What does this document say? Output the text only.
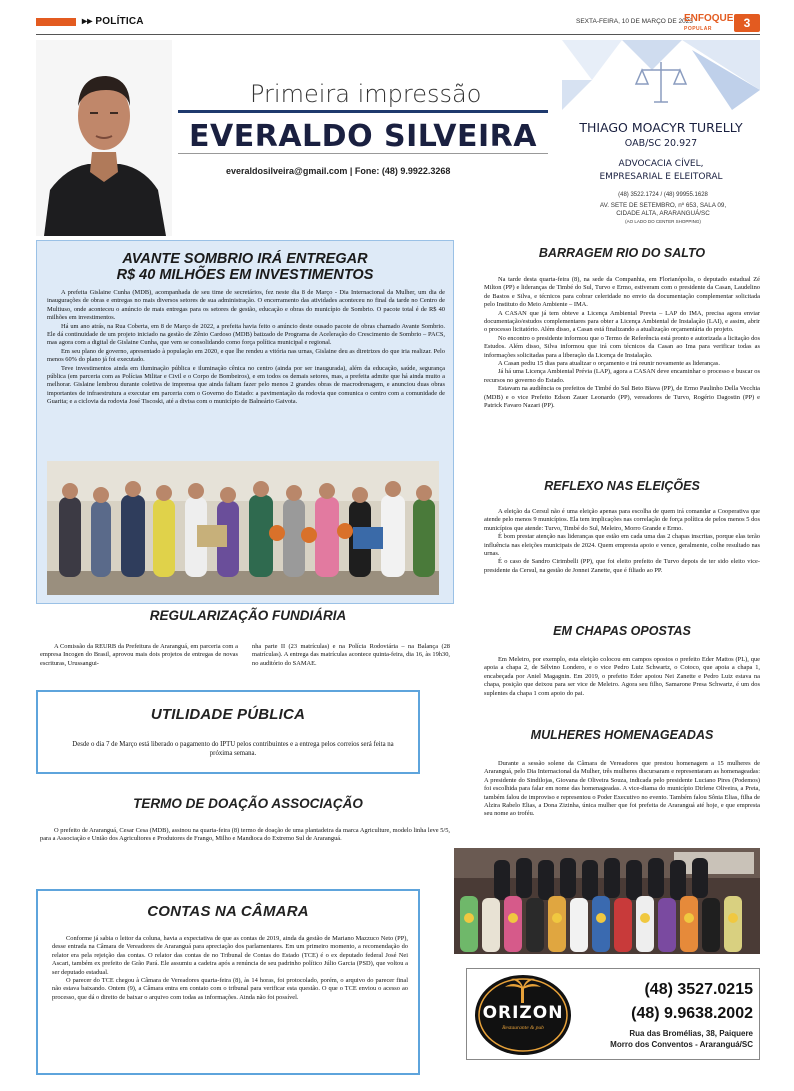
▸▸ POLÍTICA	SEXTA-FEIRA, 10 DE MARÇO DE 2023
ENFOQUE
POPULAR	3
Primeira impressão
EVERALDO SILVEIRA
everaldosilveira@gmail.com | Fone: (48) 9.9922.3268
THIAGO MOACYR TURELLY
OAB/SC 20.927
ADVOCACIA CÍVEL,
EMPRESARIAL E ELEITORAL
(48) 3522.1724 / (48) 99955.1628
AV. SETE DE SETEMBRO, nº 653, SALA 09,
CIDADE ALTA, ARARANGUÁ/SC
(AO LADO DO CENTER SHOPPING)
AVANTE SOMBRIO IRÁ ENTREGAR
R$ 40 MILHÕES EM INVESTIMENTOS

A prefeita Gislaine Cunha (MDB), acompanhada de seu time de secretários, fez neste dia 8 de Março - Dia Internacional da Mulher, um dia de inaugurações de obras e entregas no mais diversos setores de sua administração. O encerramento das atividades aconteceu no final da tarde no Centro de Multiuso, onde aconteceu o anúncio de mais entregas para os setores de gestão, educação e obras do município de Sombrio. O pacote total é de R$ 40 milhões em investimentos.

Há um ano atrás, na Rua Coberta, em 8 de Março de 2022, a prefeita havia feito o anúncio deste ousado pacote de obras chamado Avante Sombrio. Ele dá continuidade de um projeto iniciado na gestão de Zênio Cardoso (MDB) batizado de Programa de Aceleração do Crescimento de Sombrio – PACS, mas agora com a digital de Gislaine Cunha, que vem se consolidando como força política municipal e regional.

Em seu plano de governo, apresentado à população em 2020, e que lhe rendeu a vitória nas urnas, Gislaine deu as diretrizes do que iria realizar. Pelo menos 60% do plano já foi executado.

Teve investimentos ainda em iluminação pública e iluminação cênica no centro (ainda por ser inaugurada), além da educação, saúde, segurança pública (em parceria com as Polícias Militar e Civil e o Corpo de Bombeiros), e em todos os demais setores, mas, a prefeita admite que há ainda muito a melhorar. Gislaine lembrou durante coletiva de imprensa que ainda faltam fazer pelo menos 2 grandes obras de macrodrenagem, e anunciou duas obras importantes de infraestrutura a executar em parceria com o Governo do Estado: a pavimentação da rodovia que comunica o centro com a comunidade de Guarita; e a ciclovia da rodovia José Tiscoski, até a divisa com o município de Balneário Gaivota.

REGULARIZAÇÃO FUNDIÁRIA

A Comissão da REURB da Prefeitura de Araranguá, em parceria com a empresa Incogen do Brasil, aprovou mais dois projetos de entregas de novas escrituras, Urussangui-

nha parte II (23 matrículas) e na Polícia Rodoviária – na Balança (28 matrículas). A entrega das matrículas acontece quinta-feira, dia 16, às 19h30, no auditório do SAMAE.
UTILIDADE PÚBLICA
Desde o dia 7 de Março está liberado o pagamento do IPTU pelos contribuintes e a entrega pelos correios será feita na próxima semana.
TERMO DE DOAÇÃO ASSOCIAÇÃO

O prefeito de Araranguá, Cesar Cesa (MDB), assinou na quarta-feira (8) termo de doação de uma plantadeira da marca Agriculture, modelo linha leve 5/5, para a Associação e União dos Agricultores e Produtores de Frango, Milho e Mandioca do Extremo Sul de Araranguá.

CONTAS NA CÂMARA

Conforme já sabia o leitor da coluna, havia a expectativa de que as contas de 2019, ainda da gestão de Mariano Mazzuco Neto (PP), desse entrada na Câmara de Vereadores de Araranguá para apreciação dos parlamentares. Em um primeiro momento, a recomendação do relator era pela rejeição das contas. O relator das contas de no Tribunal de Contas do Estado (TCE) é o ex deputado federal José Nei Ascari, também ex prefeito de Grão Pará. Ele assumiu a cadeira após a renúncia de seu padrinho político Júlio Garcia (PSD), que voltou a ser deputado estadual.

O parecer do TCE chegou à Câmara de Vereadores quarta-feira (8), às 14 horas, foi protocolado, porém, o arquivo do parecer final não estava baixando. Ontem (9), a Câmara entra em contato com o tribunal para verificar esta questão. O que o TCE enviou o acesso ao processo, que dá o direito de baixar o arquivo com todas as informações. Ainda não foi possível.

BARRAGEM RIO DO SALTO

Na tarde desta quarta-feira (8), na sede da Companhia, em Florianópolis, o deputado estadual Zé Milton (PP) e lideranças de Timbé do Sul, Turvo e Ermo, estiveram com o presidente da Casan, Laudelino de Bastos e Silva, e técnicos para cobrar celeridade no envio da documentação complementar solicitada pelo Instituto do Meio Ambiente – IMA.

A CASAN que já tem obteve a Licença Ambiental Prevta – LAP do IMA, precisa agora enviar documentação/estudos complementares para obter a Licença Ambiental de Instalação (LAI), e assim, abrir o processo licitatório. Além disso, a Casan está finalizando a atualização orçamentária do projeto.

No encontro o presidente informou que o Termo de Referência está pronto e autorizada a licitação dos Estudos. Além disso, Silva informou que irá com técnicos da Casan ao Ima para verificar todas as informações solicitadas para a liberação da Licença de Instalação.

A Casan pediu 15 dias para atualizar o orçamento e irá reunir novamente as lideranças.

Já há uma Licença Ambiental Prévia (LAP), agora a CASAN deve encaminhar o processo e buscar os recursos no governo do Estado.

Estavam na audiência os prefeitos de Timbé do Sul Beto Biava (PP), de Ermo Paulinho Della Vecchia (MDB) e o vice Prefeito Edson Zauer Leonardo (PP), vereadores de Turvo, Rogério Dagostin (PP) e Patrick Favaro Nazari (PP).

REFLEXO NAS ELEIÇÕES

A eleição da Cersul não é uma eleição apenas para escolha de quem irá comandar a Cooperativa que atende pelo menos 9 municípios. Ela tem implicações nas correlação de força política de pelos menos 5 dos municípios que atende: Turvo, Timbé do Sul, Meleiro, Morro Grande e Ermo.

É bom prestar atenção nas lideranças que estão em cada uma das 2 chapas inscritas, porque elas terão influência nas eleições municipais de 2024. Quem empresta apoio e vence, geralmente, colhe resultado nas urnas.

É o caso de Sandro Cirimbelli (PP), que foi eleito prefeito de Turvo depois de ter sido eleito vice-presidente da Cersul, na gestão de Jonnei Zanette, que é filiado ao PP.

EM CHAPAS OPOSTAS

Em Meleiro, por exemplo, esta eleição colocou em campos opostos o prefeito Eder Mattos (PL), que apoia a chapa 2, de Sélvino Londero, e o vice Pedro Luiz Schwartz, o Cotoco, que apoia a chapa 1, encabeçada por Aniel Magagnin. Em 2019, o prefeito Eder apoiou Nei Zanette e Pedro Luiz estava na chapa, posição que deixou para ser vice de Meleiro. Agora seu filho, Samarone Presa Schwartz, é um dos suplentes da chapa 1 com apoio do pai.

MULHERES HOMENAGEADAS

Durante a sessão solene da Câmara de Vereadores que prestou homenagem a 15 mulheres de Araranguá, pelo Dia Internacional da Mulher, três mulheres discursaram e representaram as homenageadas: A presidente do Sindilojas, Giovana de Oliveira Souza, indicada pelo presidente Luciano Pires (Podemos) foi escolhida para falar em nome das homenageadas. A vice-diama do município Dirlene Oliveira, a Preta, também falou de improviso e representou o Poder Executivo no evento. Também falou Sônia Elias, filha de Alzira Rabelo Elias, a Dona Zizinha, única mulher que foi prefeita de Araranguá até hoje, e que empresta seu nome ao troféu.

ORIZON
Restaurante & pub
(48) 3527.0215
(48) 9.9638.2002
Rua das Bromélias, 38, Paiquere
Morro dos Conventos - Araranguá/SC
